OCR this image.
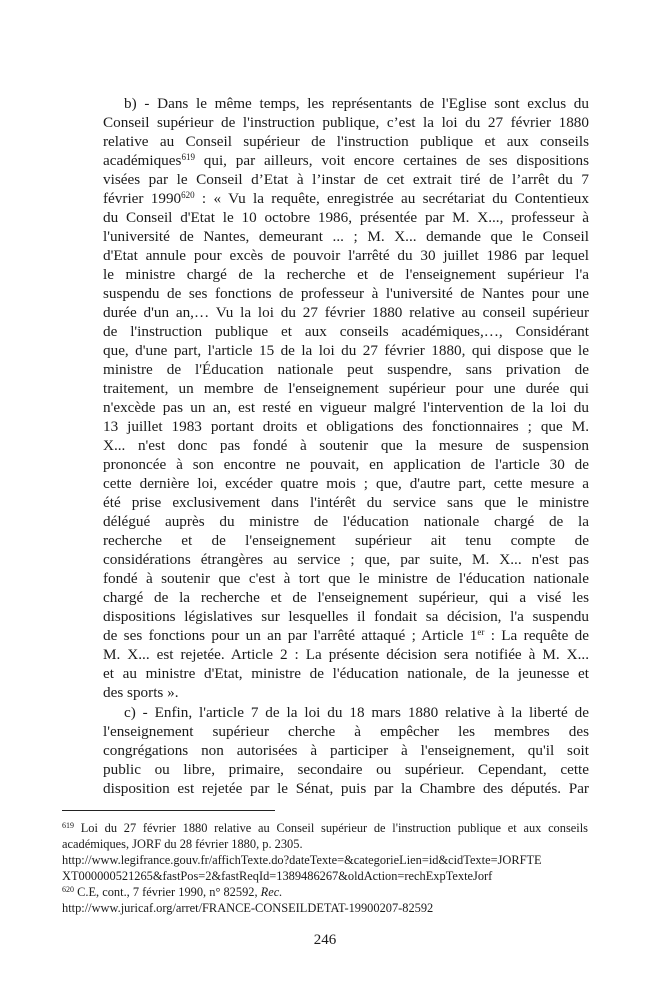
b) - Dans le même temps, les représentants de l'Eglise sont exclus du
Conseil supérieur de l'instruction publique, c’est la loi du 27 février 1880
relative au Conseil supérieur de l'instruction publique et aux conseils
académiques$^{619}$ qui, par ailleurs, voit encore certaines de ses dispositions
visées par le Conseil d’Etat à l’instar de cet extrait tiré de l’arrêt du 7
février 1990$^{620}$ : « Vu la requête, enregistrée au secrétariat du Contentieux
du Conseil d'Etat le 10 octobre 1986, présentée par M. X..., professeur à
l'université de Nantes, demeurant ... ; M. X... demande que le Conseil
d'Etat annule pour excès de pouvoir l'arrêté du 30 juillet 1986 par lequel
le ministre chargé de la recherche et de l'enseignement supérieur l'a
suspendu de ses fonctions de professeur à l'université de Nantes pour une
durée d'un an,… Vu la loi du 27 février 1880 relative au conseil supérieur
de l'instruction publique et aux conseils académiques,…, Considérant
que, d'une part, l'article 15 de la loi du 27 février 1880, qui dispose que le
ministre de l'Éducation nationale peut suspendre, sans privation de
traitement, un membre de l'enseignement supérieur pour une durée qui
n'excède pas un an, est resté en vigueur malgré l'intervention de la loi du
13 juillet 1983 portant droits et obligations des fonctionnaires ; que M.
X... n'est donc pas fondé à soutenir que la mesure de suspension
prononcée à son encontre ne pouvait, en application de l'article 30 de
cette dernière loi, excéder quatre mois ; que, d'autre part, cette mesure a
été prise exclusivement dans l'intérêt du service sans que le ministre
délégué auprès du ministre de l'éducation nationale chargé de la
recherche et de l'enseignement supérieur ait tenu compte de
considérations étrangères au service ; que, par suite, M. X... n'est pas
fondé à soutenir que c'est à tort que le ministre de l'éducation nationale
chargé de la recherche et de l'enseignement supérieur, qui a visé les
dispositions législatives sur lesquelles il fondait sa décision, l'a suspendu
de ses fonctions pour un an par l'arrêté attaqué ; Article 1er : La requête de
M. X... est rejetée. Article 2 : La présente décision sera notifiée à M. X...
et au ministre d'Etat, ministre de l'éducation nationale, de la jeunesse et
des sports ».
c) - Enfin, l'article 7 de la loi du 18 mars 1880 relative à la liberté de
l'enseignement supérieur cherche à empêcher les membres des
congrégations non autorisées à participer à l'enseignement, qu'il soit
public ou libre, primaire, secondaire ou supérieur. Cependant, cette
disposition est rejetée par le Sénat, puis par la Chambre des députés. Par
$^{619}$ Loi du 27 février 1880 relative au Conseil supérieur de l'instruction publique et aux conseils
académiques, JORF du 28 février 1880, p. 2305.
http://www.legifrance.gouv.fr/affichTexte.do?dateTexte=&categorieLien=id&cidTexte=JORFTE
XT000000521265&fastPos=2&fastReqId=1389486267&oldAction=rechExpTexteJorf
$^{620}$ C.E, cont., 7 février 1990, n° 82592, Rec.
http://www.juricaf.org/arret/FRANCE-CONSEILDETAT-19900207-82592
246
